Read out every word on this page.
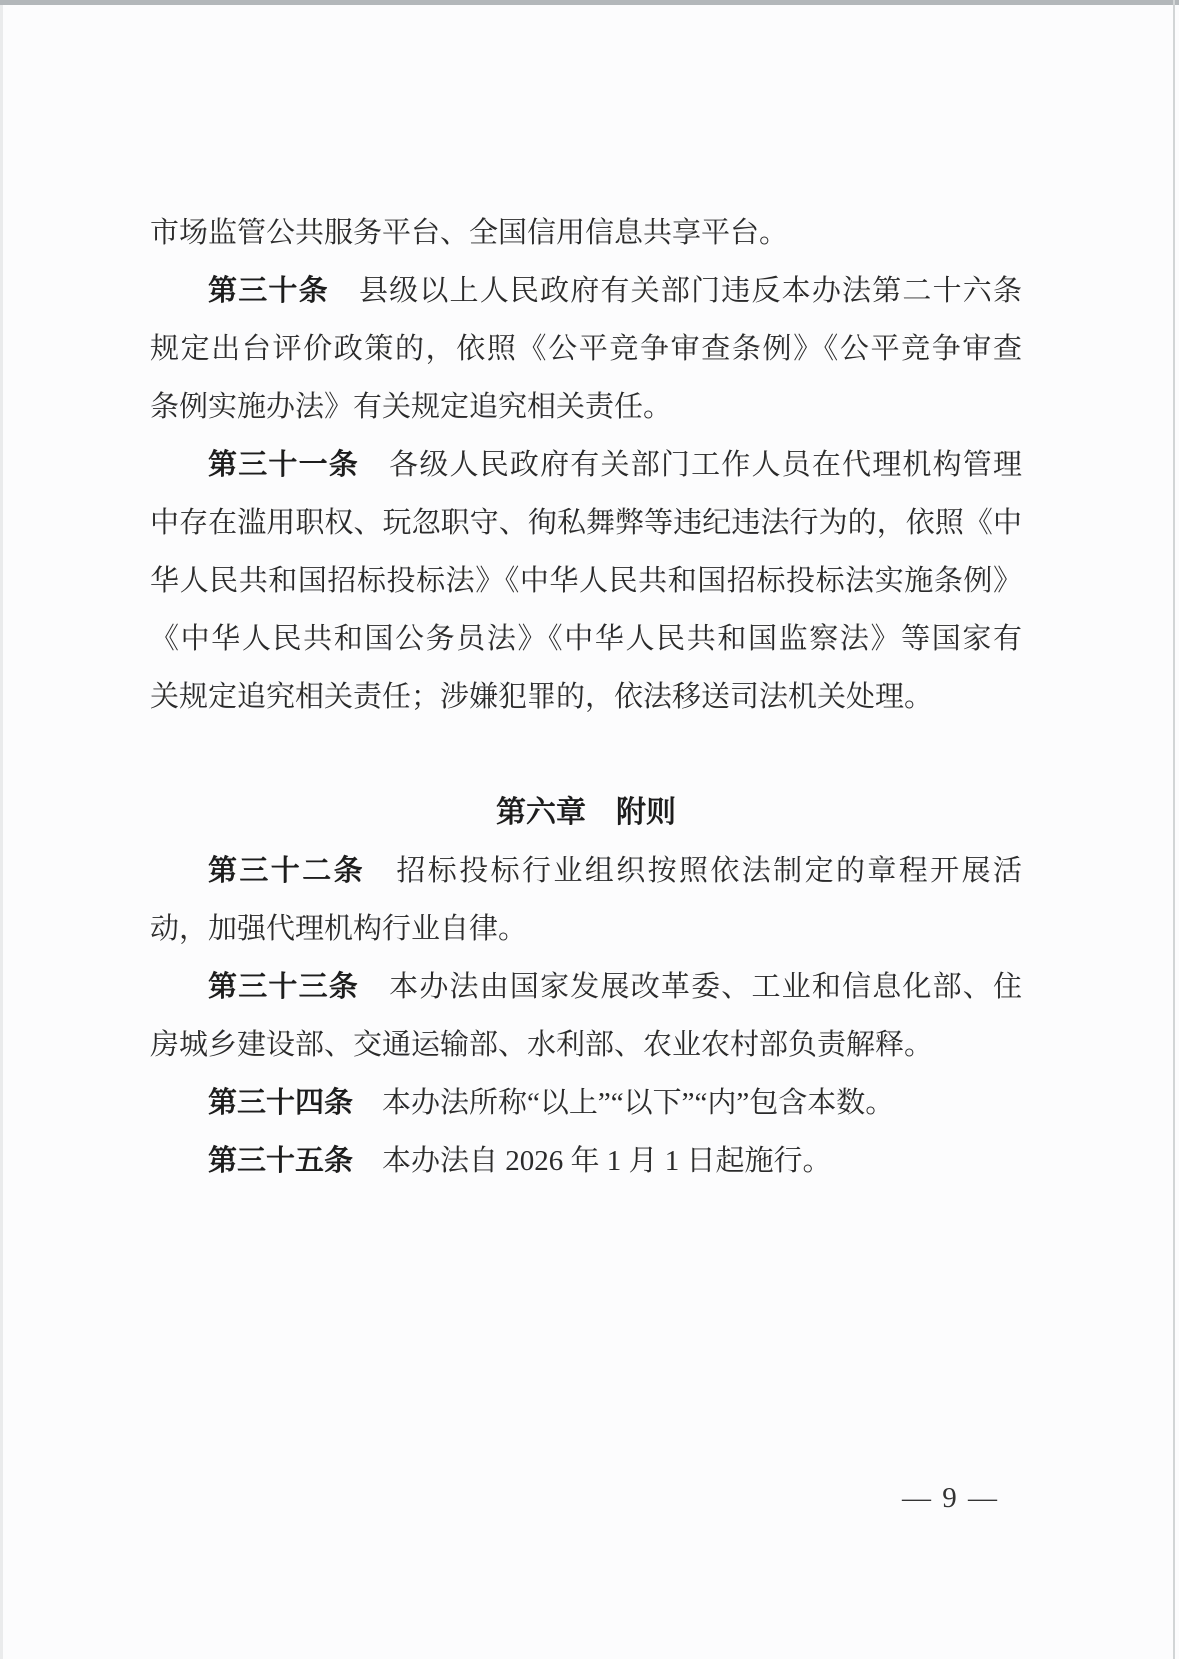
市场监管公共服务平台、全国信用信息共享平台。
第三十条　县级以上人民政府有关部门违反本办法第二十六条
规定出台评价政策的，依照《公平竞争审查条例》《公平竞争审查
条例实施办法》有关规定追究相关责任。
第三十一条　各级人民政府有关部门工作人员在代理机构管理
中存在滥用职权、玩忽职守、徇私舞弊等违纪违法行为的，依照《中
华人民共和国招标投标法》《中华人民共和国招标投标法实施条例》
《中华人民共和国公务员法》《中华人民共和国监察法》等国家有
关规定追究相关责任；涉嫌犯罪的，依法移送司法机关处理。
第六章　附则
第三十二条　招标投标行业组织按照依法制定的章程开展活
动，加强代理机构行业自律。
第三十三条　本办法由国家发展改革委、工业和信息化部、住
房城乡建设部、交通运输部、水利部、农业农村部负责解释。
第三十四条　本办法所称“以上”“以下”“内”包含本数。
第三十五条　本办法自 2026 年 1 月 1 日起施行。
— 9 —
